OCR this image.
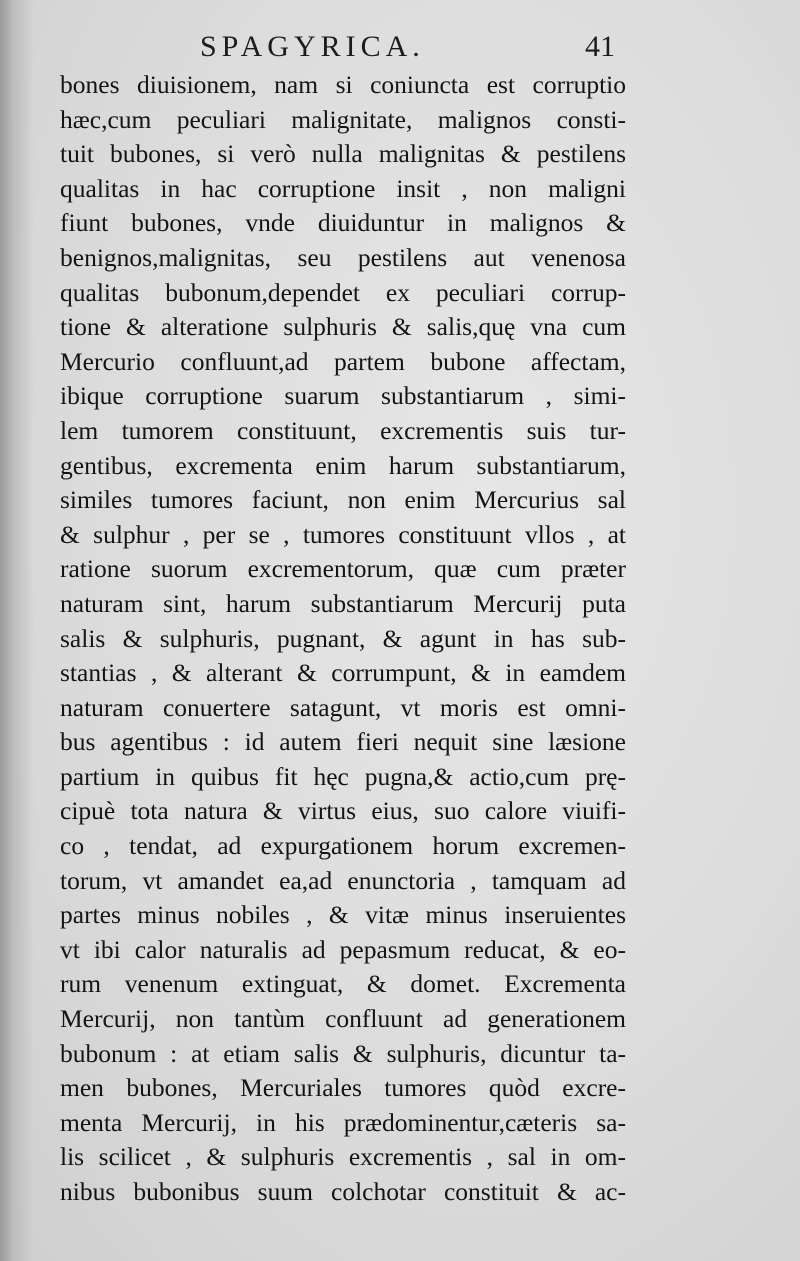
SPAGYRICA.	41
bones diuisionem, nam si coniuncta est corruptio
hæc,cum peculiari malignitate, malignos consti-
tuit bubones, si verò nulla malignitas & pestilens
qualitas in hac corruptione insit , non maligni
fiunt bubones, vnde diuiduntur in malignos &
benignos,malignitas, seu pestilens aut venenosa
qualitas bubonum,dependet ex peculiari corrup-
tione & alteratione sulphuris & salis,quę vna cum
Mercurio confluunt,ad partem bubone affectam,
ibique corruptione suarum substantiarum , simi-
lem tumorem constituunt, excrementis suis tur-
gentibus, excrementa enim harum substantiarum,
similes tumores faciunt, non enim Mercurius sal
& sulphur , per se , tumores constituunt vllos , at
ratione suorum excrementorum, quæ cum præter
naturam sint, harum substantiarum Mercurij puta
salis & sulphuris, pugnant, & agunt in has sub-
stantias , & alterant & corrumpunt, & in eamdem
naturam conuertere satagunt, vt moris est omni-
bus agentibus : id autem fieri nequit sine læsione
partium in quibus fit hęc pugna,& actio,cum prę-
cipuè tota natura & virtus eius, suo calore viuifi-
co , tendat, ad expurgationem horum excremen-
torum, vt amandet ea,ad enunctoria , tamquam ad
partes minus nobiles , & vitæ minus inseruientes
vt ibi calor naturalis ad pepasmum reducat, & eo-
rum venenum extinguat, & domet. Excrementa
Mercurij, non tantùm confluunt ad generationem
bubonum : at etiam salis & sulphuris, dicuntur ta-
men bubones, Mercuriales tumores quòd excre-
menta Mercurij, in his prædominentur,cæteris sa-
lis scilicet , & sulphuris excrementis , sal in om-
nibus bubonibus suum colchotar constituit & ac-
